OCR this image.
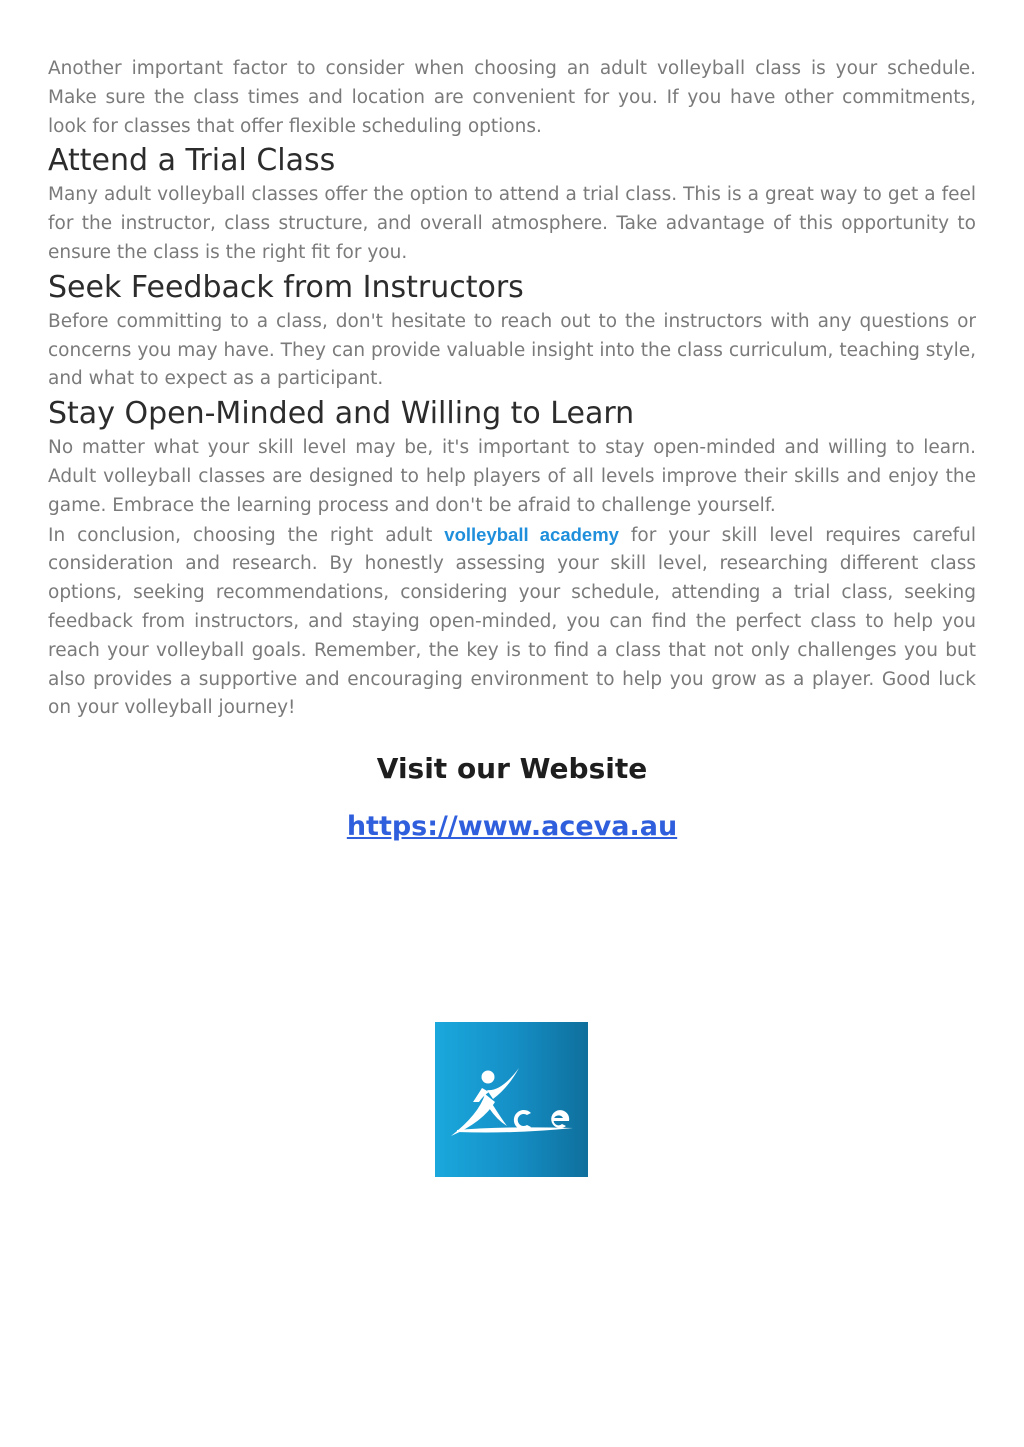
Another important factor to consider when choosing an adult volleyball class is your schedule. Make sure the class times and location are convenient for you. If you have other commitments, look for classes that offer flexible scheduling options.

Attend a Trial Class

Many adult volleyball classes offer the option to attend a trial class. This is a great way to get a feel for the instructor, class structure, and overall atmosphere. Take advantage of this opportunity to ensure the class is the right fit for you.

Seek Feedback from Instructors

Before committing to a class, don't hesitate to reach out to the instructors with any questions or concerns you may have. They can provide valuable insight into the class curriculum, teaching style, and what to expect as a participant.

Stay Open-Minded and Willing to Learn

No matter what your skill level may be, it's important to stay open-minded and willing to learn. Adult volleyball classes are designed to help players of all levels improve their skills and enjoy the game. Embrace the learning process and don't be afraid to challenge yourself.

In conclusion, choosing the right adult volleyball academy for your skill level requires careful consideration and research. By honestly assessing your skill level, researching different class options, seeking recommendations, considering your schedule, attending a trial class, seeking feedback from instructors, and staying open-minded, you can find the perfect class to help you reach your volleyball goals. Remember, the key is to find a class that not only challenges you but also provides a supportive and encouraging environment to help you grow as a player. Good luck on your volleyball journey!

Visit our Website
https://www.aceva.au
